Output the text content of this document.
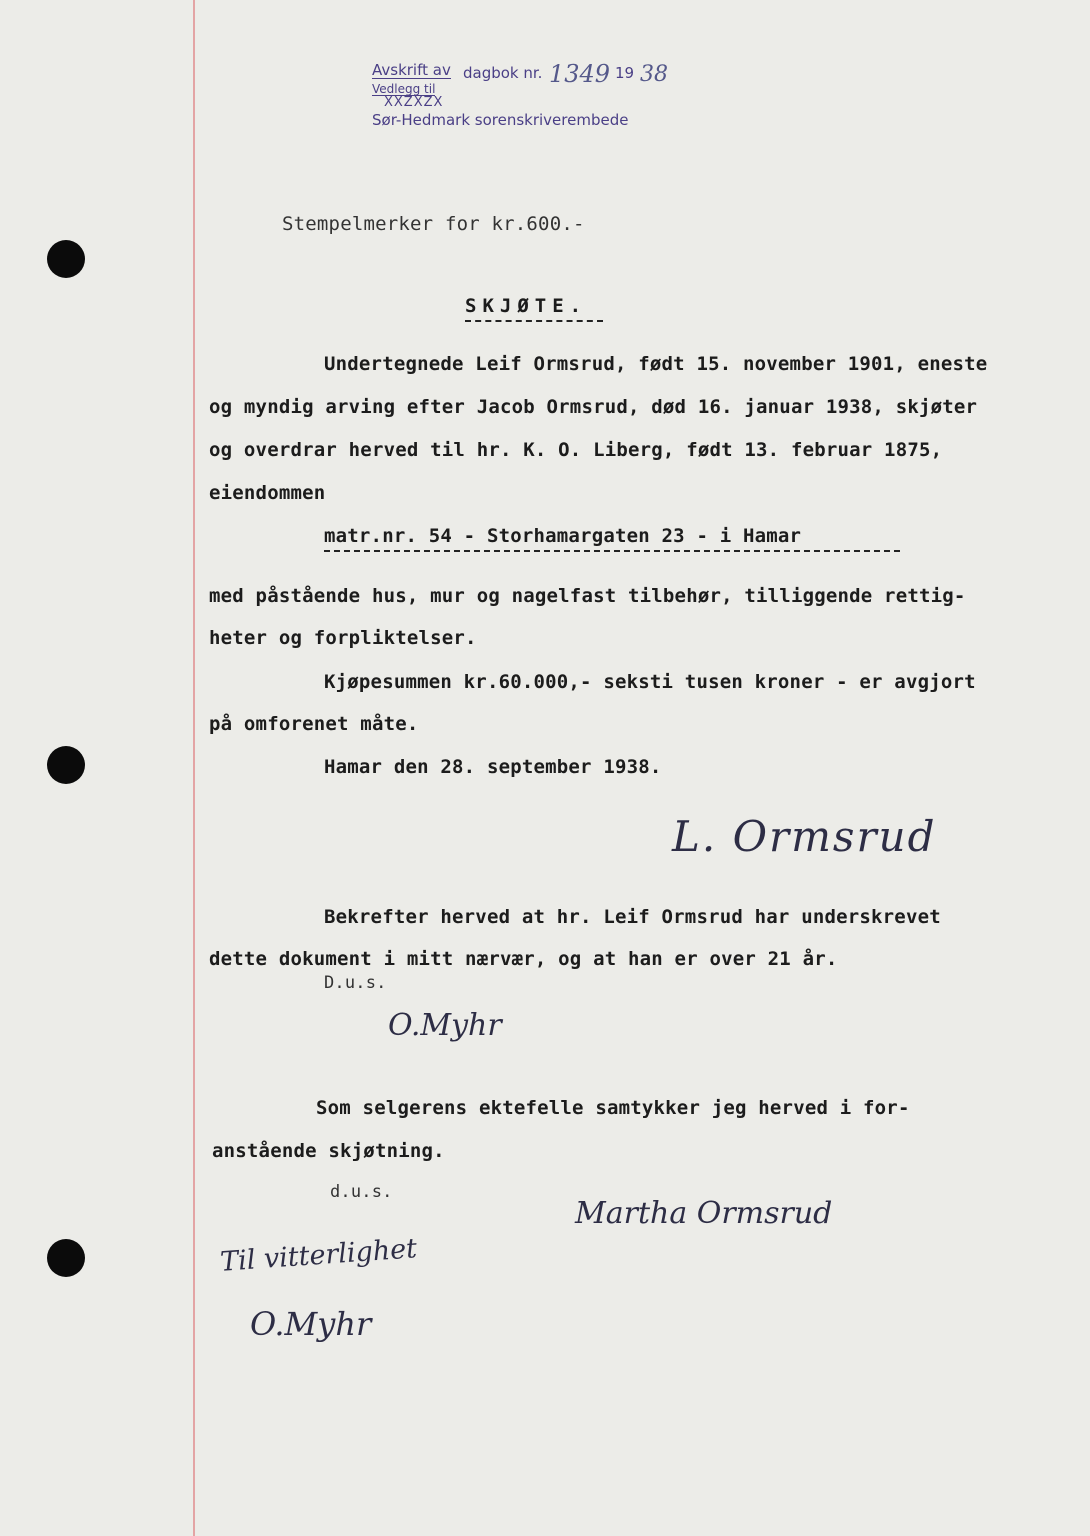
Avskrift av dagbok nr. 1349 19 38
Vedlegg til
XXZXZX
Sør-Hedmark sorenskriverembede
Stempelmerker for kr.600.-
SKJØTE.
Undertegnede Leif Ormsrud, født 15. november 1901, eneste
og myndig arving efter Jacob Ormsrud, død 16. januar 1938, skjøter
og overdrar herved til hr. K. O. Liberg, født 13. februar 1875,
eiendommen
matr.nr. 54 - Storhamargaten 23 - i Hamar
med påstående hus, mur og nagelfast tilbehør, tilliggende rettig-
heter og forpliktelser.
Kjøpesummen kr.60.000,- seksti tusen kroner - er avgjort
på omforenet måte.
Hamar den 28. september 1938.
L. Ormsrud
Bekrefter herved at hr. Leif Ormsrud har underskrevet
dette dokument i mitt nærvær, og at han er over 21 år.
D.u.s.
O.Myhr
Som selgerens ektefelle samtykker jeg herved i for-
anstående skjøtning.
d.u.s.
Martha Ormsrud
Til vitterlighet
O.Myhr
